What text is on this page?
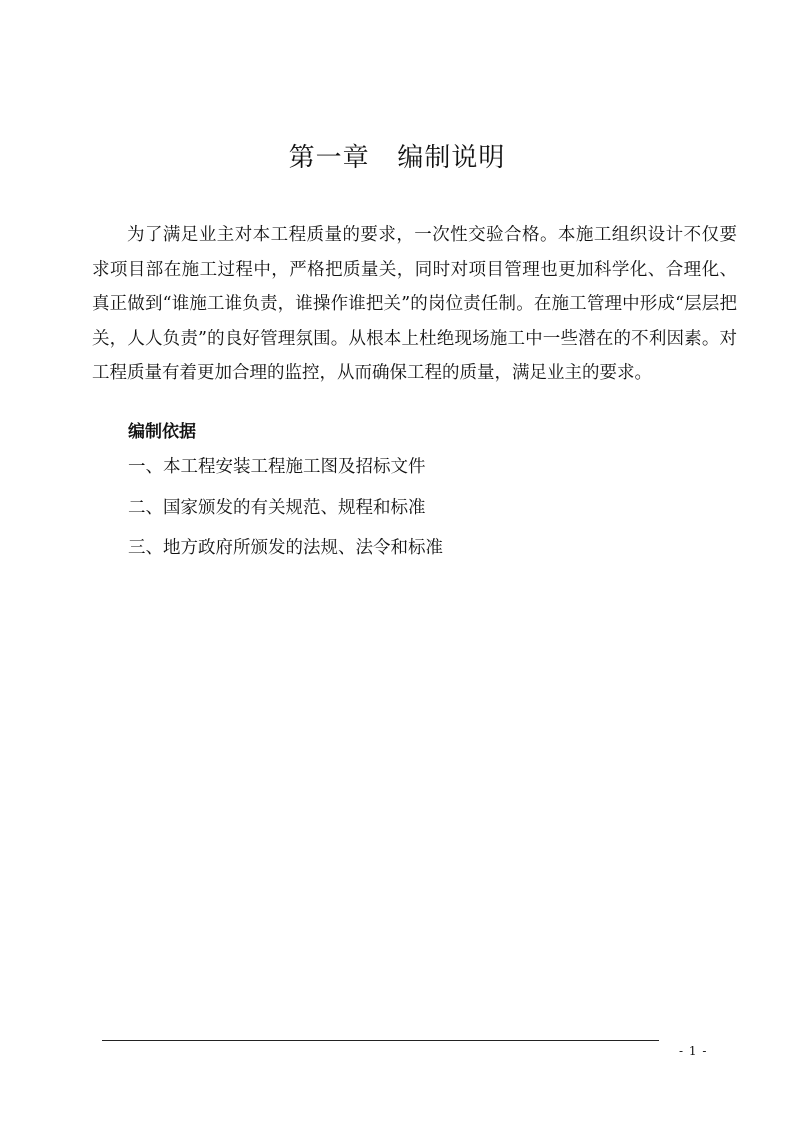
第一章   编制说明

为了满足业主对本工程质量的要求，一次性交验合格。本施工组织设计不仅要求项目部在施工过程中，严格把质量关，同时对项目管理也更加科学化、合理化、真正做到“谁施工谁负责，谁操作谁把关”的岗位责任制。在施工管理中形成“层层把关，人人负责”的良好管理氛围。从根本上杜绝现场施工中一些潜在的不利因素。对工程质量有着更加合理的监控，从而确保工程的质量，满足业主的要求。

编制依据
一、本工程安装工程施工图及招标文件
二、国家颁发的有关规范、规程和标准
三、地方政府所颁发的法规、法令和标准
- 1 -
